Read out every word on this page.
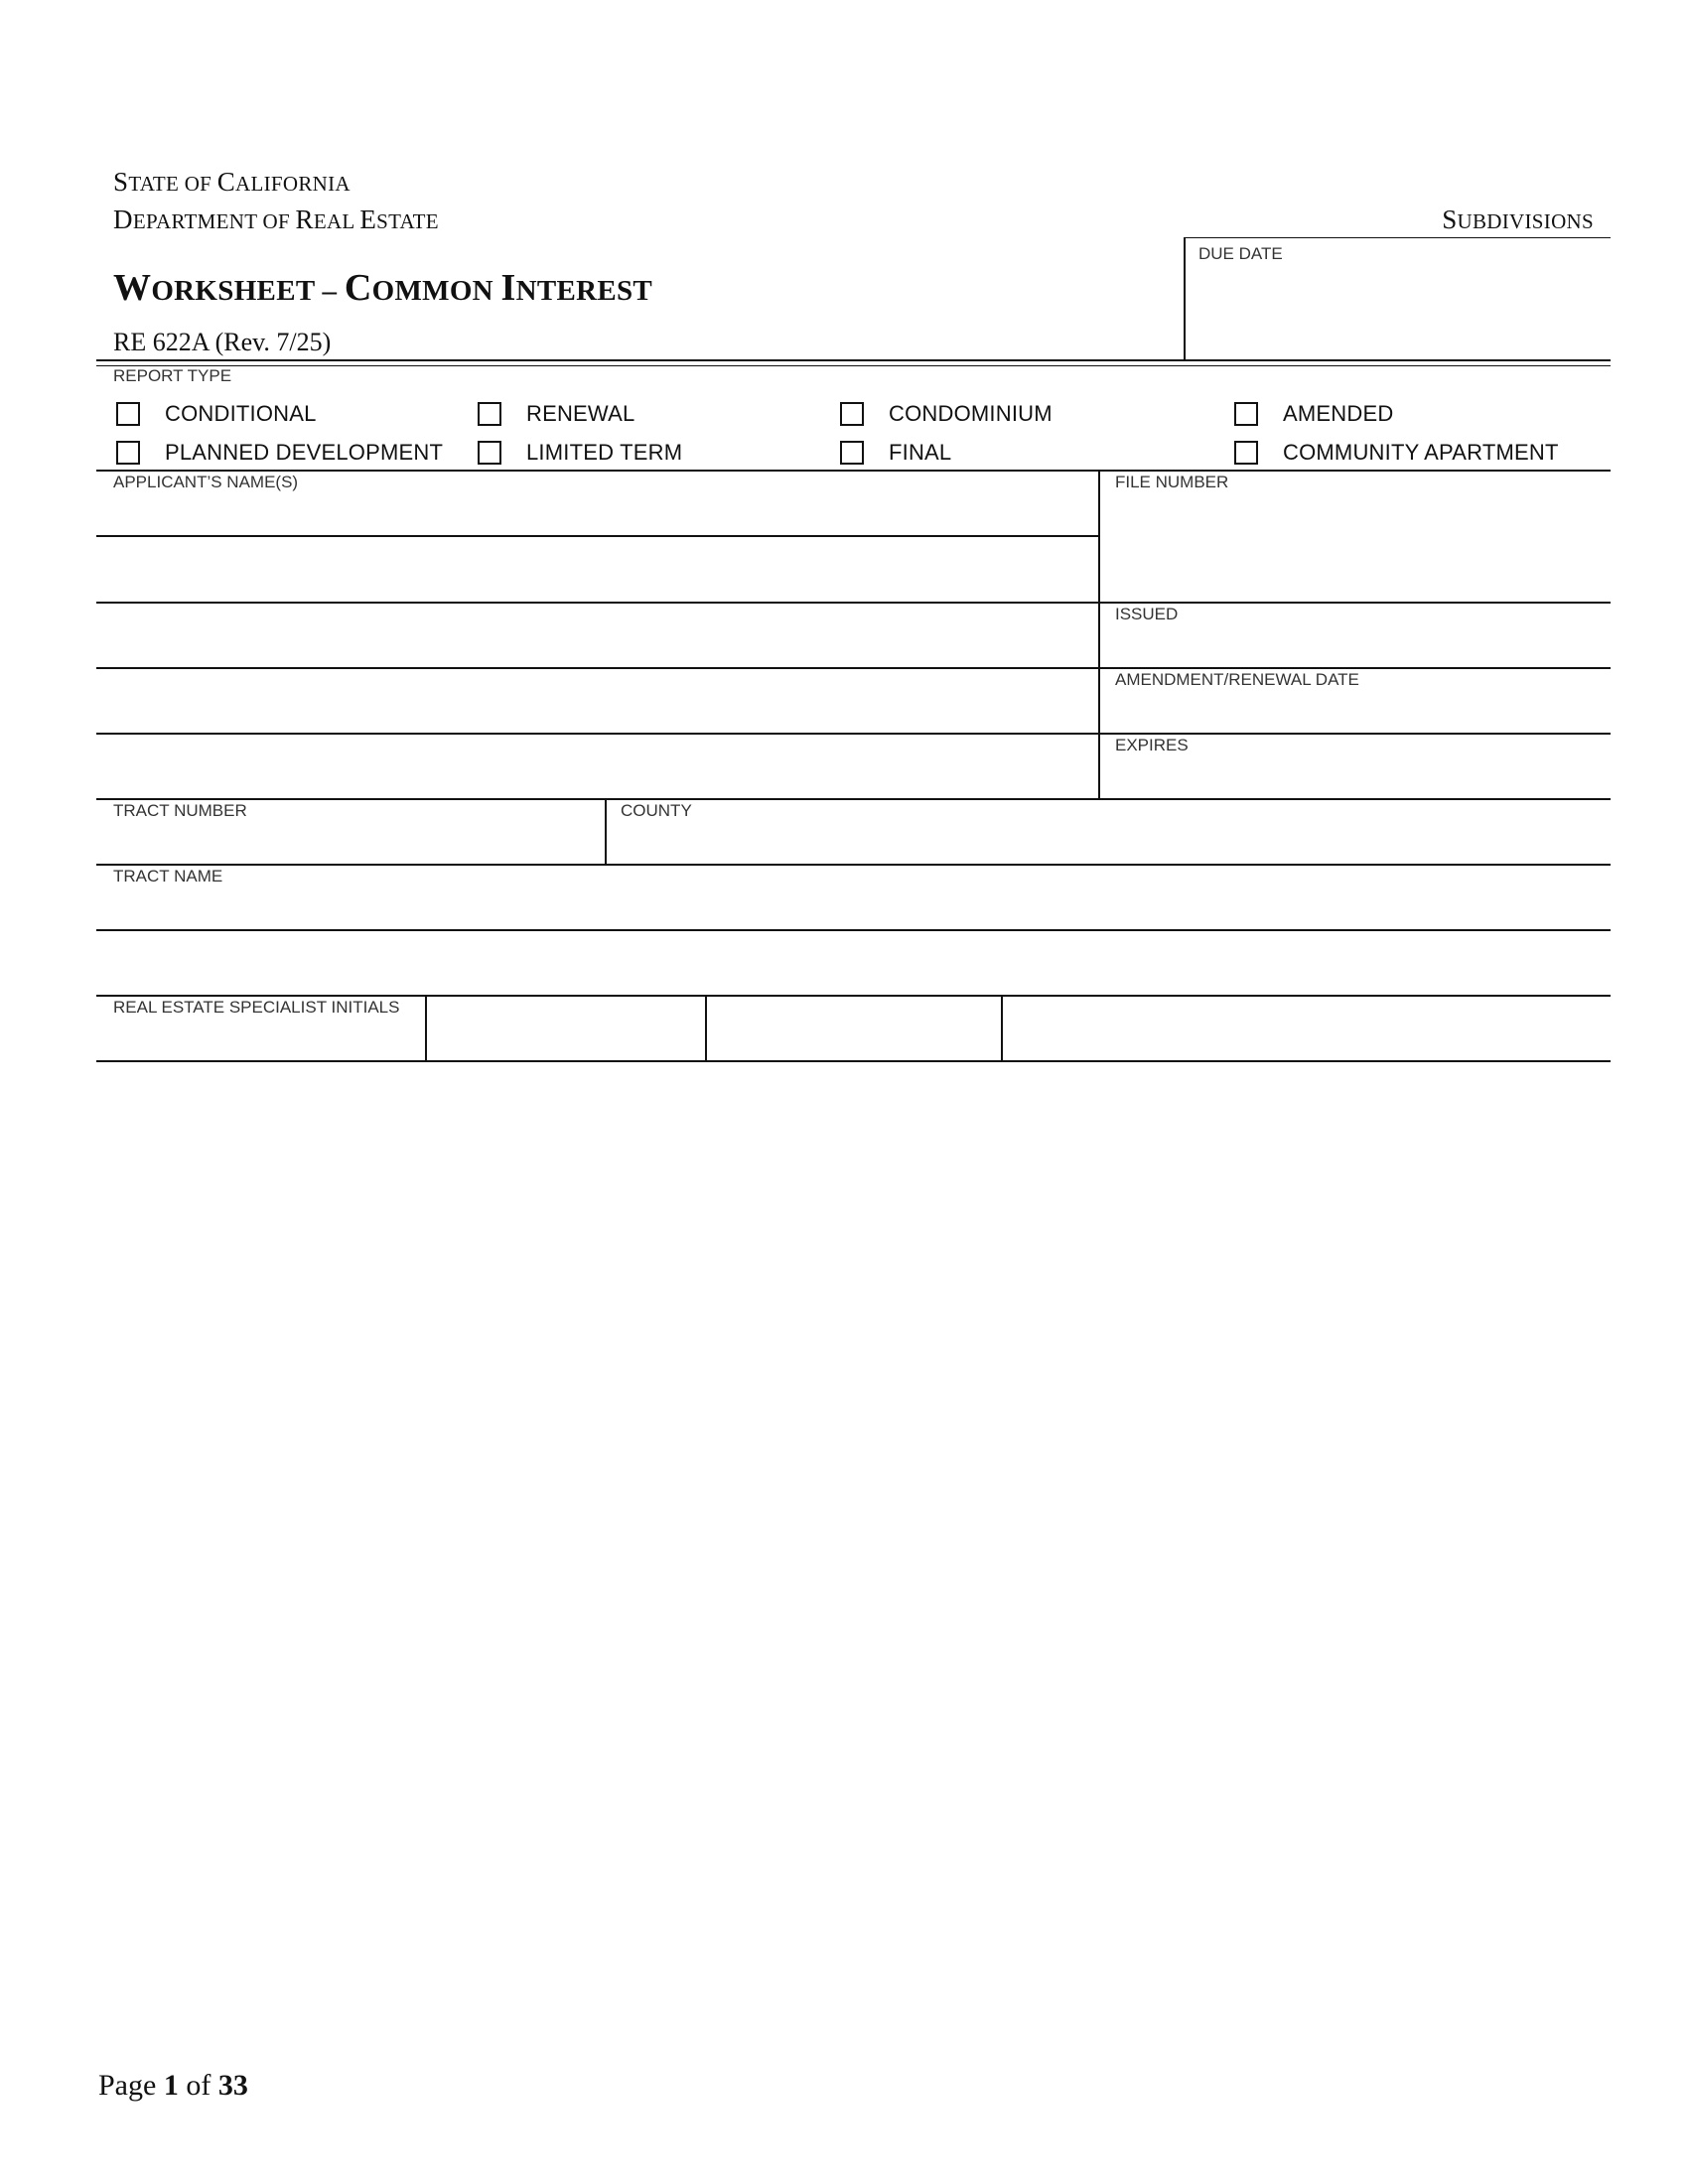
STATE OF CALIFORNIA
DEPARTMENT OF REAL ESTATE	SUBDIVISIONS
WORKSHEET – COMMON INTEREST
RE 622A (Rev. 7/25)
DUE DATE
REPORT TYPE
CONDITIONAL	RENEWAL	CONDOMINIUM	AMENDED
PLANNED DEVELOPMENT	LIMITED TERM	FINAL	COMMUNITY APARTMENT
APPLICANT’S NAME(S)	FILE NUMBER
ISSUED
AMENDMENT/RENEWAL DATE
EXPIRES
TRACT NUMBER	COUNTY
TRACT NAME
REAL ESTATE SPECIALIST INITIALS
Page 1 of 33
